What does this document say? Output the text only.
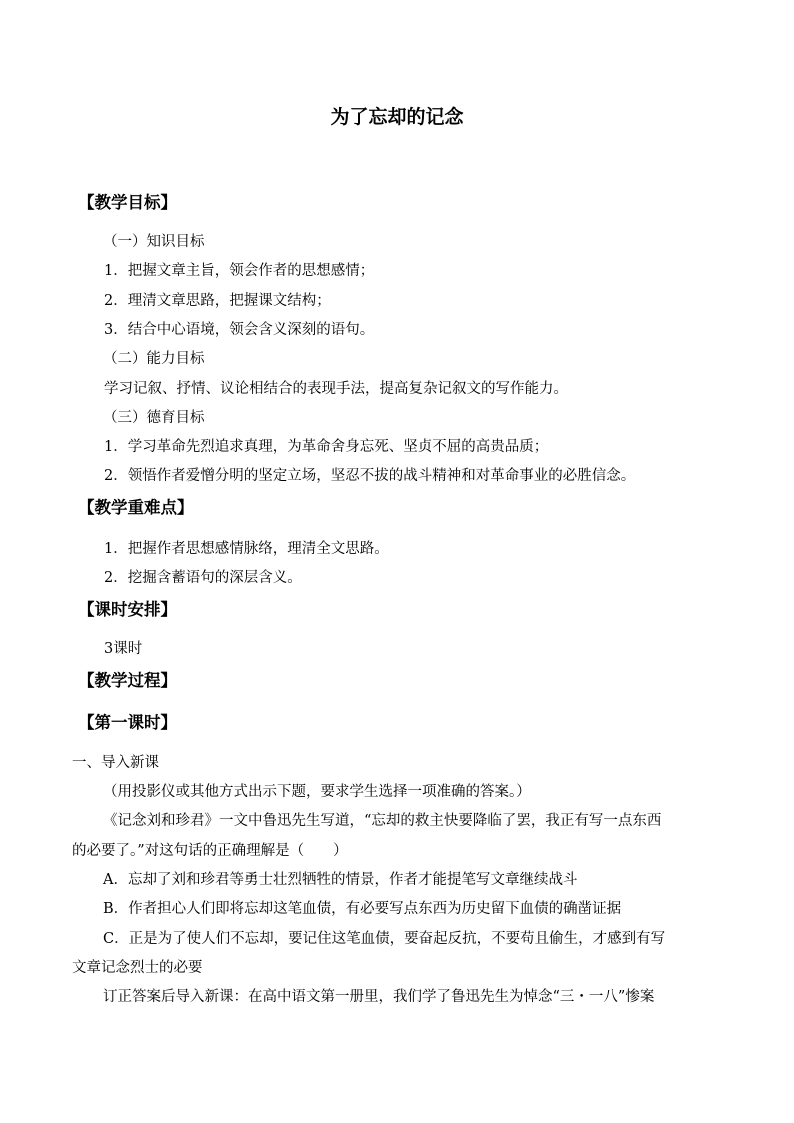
为了忘却的记念
【教学目标】
（一）知识目标
1．把握文章主旨，领会作者的思想感情；
2．理清文章思路，把握课文结构；
3．结合中心语境，领会含义深刻的语句。
（二）能力目标
学习记叙、抒情、议论相结合的表现手法，提高复杂记叙文的写作能力。
（三）德育目标
1．学习革命先烈追求真理，为革命舍身忘死、坚贞不屈的高贵品质；
2．领悟作者爱憎分明的坚定立场，坚忍不拔的战斗精神和对革命事业的必胜信念。
【教学重难点】
1．把握作者思想感情脉络，理清全文思路。
2．挖掘含蓄语句的深层含义。
【课时安排】
3课时
【教学过程】
【第一课时】
一、导入新课
（用投影仪或其他方式出示下题，要求学生选择一项准确的答案。）
《记念刘和珍君》一文中鲁迅先生写道，“忘却的救主快要降临了罢，我正有写一点东西
的必要了。”对这句话的正确理解是（　　）
A．忘却了刘和珍君等勇士壮烈牺牲的情景，作者才能提笔写文章继续战斗
B．作者担心人们即将忘却这笔血债，有必要写点东西为历史留下血债的确凿证据
C．正是为了使人们不忘却，要记住这笔血债，要奋起反抗，不要苟且偷生，才感到有写
文章记念烈士的必要
订正答案后导入新课：在高中语文第一册里，我们学了鲁迅先生为悼念“三・一八”惨案
